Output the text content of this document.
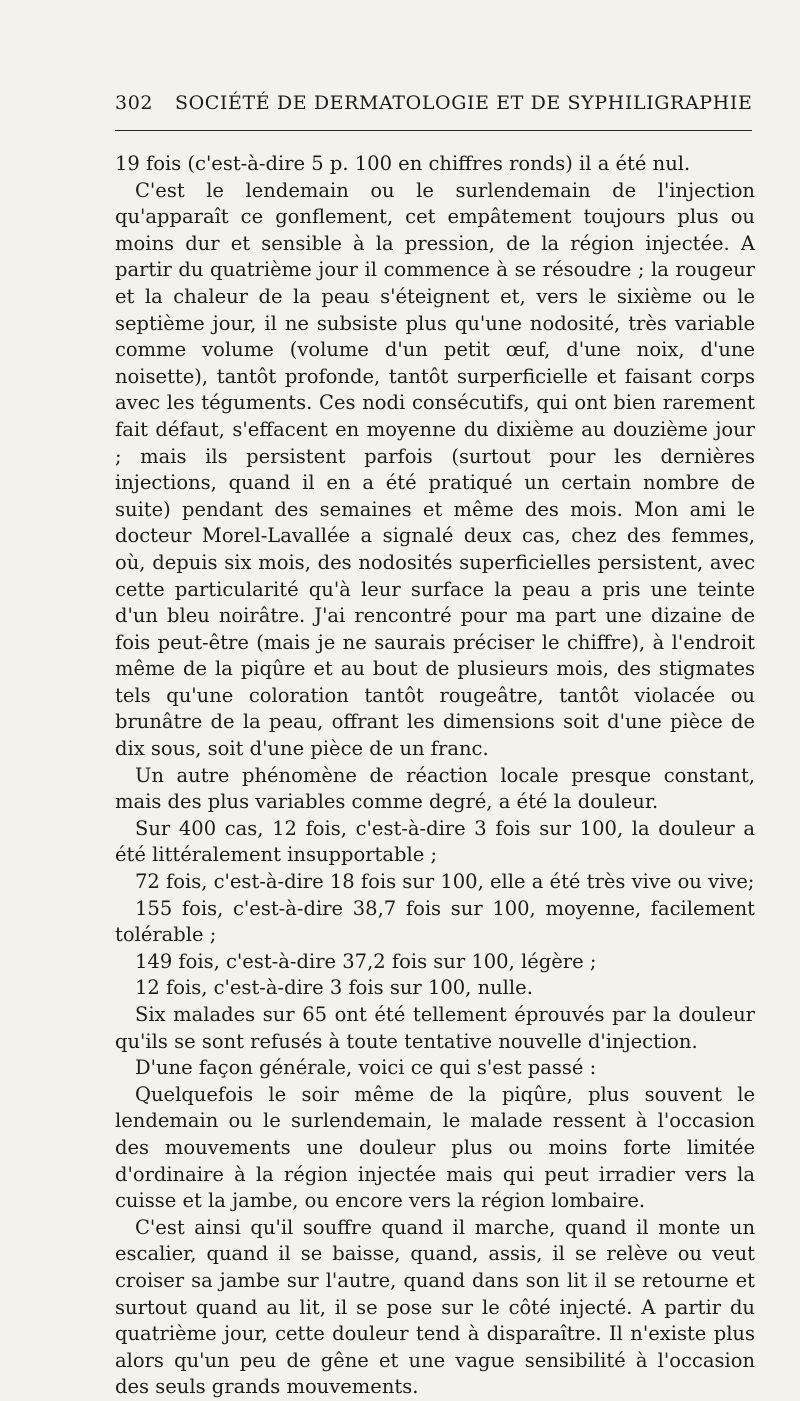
302 SOCIÉTÉ DE DERMATOLOGIE ET DE SYPHILIGRAPHIE

19 fois (c'est-à-dire 5 p. 100 en chiffres ronds) il a été nul.

C'est le lendemain ou le surlendemain de l'injection qu'apparaît ce gonflement, cet empâtement toujours plus ou moins dur et sensible à la pression, de la région injectée. A partir du quatrième jour il commence à se résoudre ; la rougeur et la chaleur de la peau s'éteignent et, vers le sixième ou le septième jour, il ne subsiste plus qu'une nodosité, très variable comme volume (volume d'un petit œuf, d'une noix, d'une noisette), tantôt profonde, tantôt surperficielle et faisant corps avec les téguments. Ces nodi consécutifs, qui ont bien rarement fait défaut, s'effacent en moyenne du dixième au douzième jour ; mais ils persistent parfois (surtout pour les dernières injections, quand il en a été pratiqué un certain nombre de suite) pendant des semaines et même des mois. Mon ami le docteur Morel-Lavallée a signalé deux cas, chez des femmes, où, depuis six mois, des nodosités superficielles persistent, avec cette particularité qu'à leur surface la peau a pris une teinte d'un bleu noirâtre. J'ai rencontré pour ma part une dizaine de fois peut-être (mais je ne saurais préciser le chiffre), à l'endroit même de la piqûre et au bout de plusieurs mois, des stigmates tels qu'une coloration tantôt rougeâtre, tantôt violacée ou brunâtre de la peau, offrant les dimensions soit d'une pièce de dix sous, soit d'une pièce de un franc.

Un autre phénomène de réaction locale presque constant, mais des plus variables comme degré, a été la douleur.

Sur 400 cas, 12 fois, c'est-à-dire 3 fois sur 100, la douleur a été littéralement insupportable ;

72 fois, c'est-à-dire 18 fois sur 100, elle a été très vive ou vive;

155 fois, c'est-à-dire 38,7 fois sur 100, moyenne, facilement tolérable ;

149 fois, c'est-à-dire 37,2 fois sur 100, légère ;

12 fois, c'est-à-dire 3 fois sur 100, nulle.

Six malades sur 65 ont été tellement éprouvés par la douleur qu'ils se sont refusés à toute tentative nouvelle d'injection.

D'une façon générale, voici ce qui s'est passé :

Quelquefois le soir même de la piqûre, plus souvent le lendemain ou le surlendemain, le malade ressent à l'occasion des mouvements une douleur plus ou moins forte limitée d'ordinaire à la région injectée mais qui peut irradier vers la cuisse et la jambe, ou encore vers la région lombaire.

C'est ainsi qu'il souffre quand il marche, quand il monte un escalier, quand il se baisse, quand, assis, il se relève ou veut croiser sa jambe sur l'autre, quand dans son lit il se retourne et surtout quand au lit, il se pose sur le côté injecté. A partir du quatrième jour, cette douleur tend à disparaître. Il n'existe plus alors qu'un peu de gêne et une vague sensibilité à l'occasion des seuls grands mouvements.
